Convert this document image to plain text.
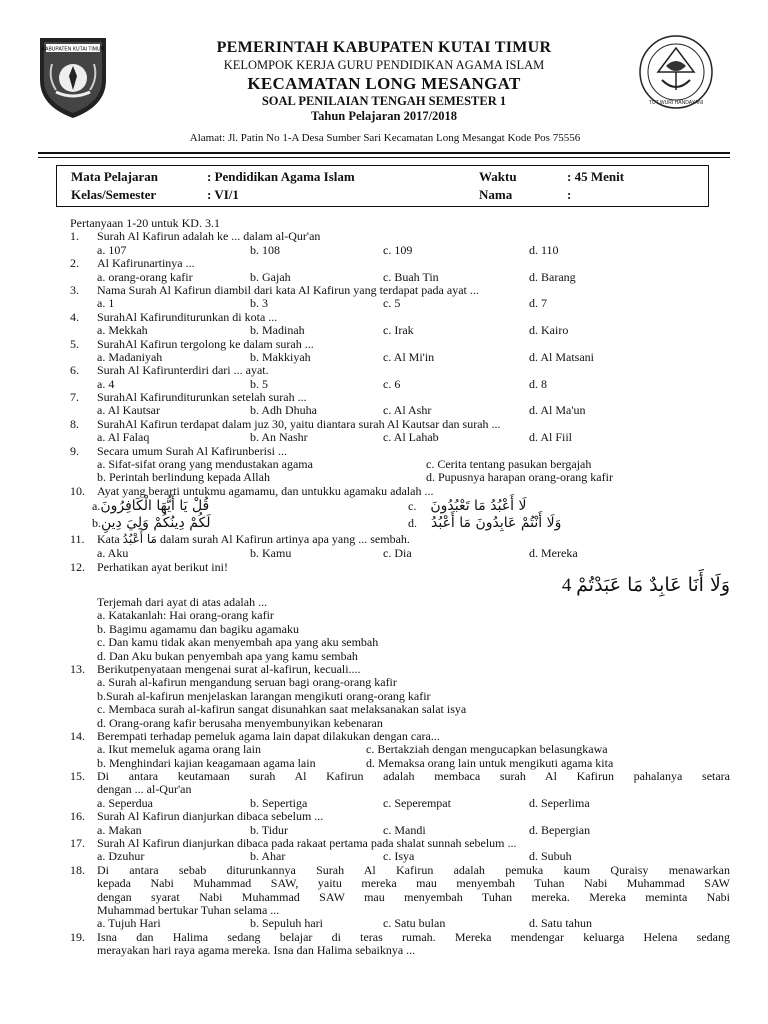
KABUPATEN KUTAI TIMUR
TUT WURI HANDAYANI
PEMERINTAH KABUPATEN KUTAI TIMUR
KELOMPOK KERJA GURU PENDIDIKAN AGAMA ISLAM
KECAMATAN LONG MESANGAT
SOAL PENILAIAN TENGAH SEMESTER 1
Tahun Pelajaran 2017/2018
Alamat: Jl. Patin No 1-A Desa Sumber Sari Kecamatan Long Mesangat Kode Pos 75556
Mata Pelajaran	: Pendidikan Agama Islam	Waktu	: 45 Menit
Kelas/Semester	: VI/1	Nama	:
Pertanyaan 1-20 untuk KD. 3.1
1.	Surah Al Kafirun adalah ke ... dalam al-Qur'an
a. 107	b. 108	c. 109	d. 110
2.	Al Kafirunartinya ...
a. orang-orang kafir	b. Gajah	c. Buah Tin	d. Barang
3.	Nama Surah Al Kafirun diambil dari kata Al Kafirun yang terdapat pada ayat ...
a. 1	b. 3	c. 5	d. 7
4.	SurahAl Kafirunditurunkan di kota ...
a. Mekkah	b. Madinah	c. Irak	d. Kairo
5.	SurahAl Kafirun tergolong ke dalam surah ...
a. Madaniyah	b. Makkiyah	c. Al Mi'in	d. Al Matsani
6.	Surah Al Kafirunterdiri dari ... ayat.
a. 4	b. 5	c. 6	d. 8
7.	SurahAl Kafirunditurunkan setelah surah ...
a. Al Kautsar	b. Adh Dhuha	c. Al Ashr	d. Al Ma'un
8.	SurahAl Kafirun terdapat dalam juz 30, yaitu diantara surah Al Kautsar dan surah ...
a. Al Falaq	b. An Nashr	c. Al Lahab	d. Al Fiil
9.	Secara umum Surah Al Kafirunberisi ...
a. Sifat-sifat orang yang mendustakan agama	c. Cerita tentang pasukan bergajah
b. Perintah berlindung kepada Allah	d. Pupusnya harapan orang-orang kafir
10.	Ayat yang berarti untukmu agamamu, dan untukku agamaku adalah ...
a.قُلْ يَا أَيُّهَا الْكَافِرُونَ	c. لَا أَعْبُدُ مَا تَعْبُدُونَ
b.لَكُمْ دِينُكُمْ وَلِيَ دِينِ	d. وَلَا أَنْتُمْ عَابِدُونَ مَا أَعْبُدُ
11.	Kata مَا أَعْبُدُ dalam surah Al Kafirun artinya apa yang ... sembah.
a. Aku	b. Kamu	c. Dia	d. Mereka
12.	Perhatikan ayat berikut ini!
وَلَا أَنَا عَابِدٌ مَا عَبَدْتُمْ 4
Terjemah dari ayat di atas adalah ...
a. Katakanlah: Hai orang-orang kafir
b. Bagimu agamamu dan bagiku agamaku
c. Dan kamu tidak akan menyembah apa yang aku sembah
d. Dan Aku bukan penyembah apa yang kamu sembah
13.	Berikutpenyataan mengenai surat al-kafirun, kecuali....
a. Surah al-kafirun mengandung seruan bagi orang-orang kafir
b.Surah al-kafirun menjelaskan larangan mengikuti orang-orang kafir
c. Membaca surah al-kafirun sangat disunahkan saat melaksanakan salat isya
d. Orang-orang kafir berusaha menyembunyikan kebenaran
14.	Berempati terhadap pemeluk agama lain dapat dilakukan dengan cara...
a. Ikut memeluk agama orang lain	c. Bertakziah dengan mengucapkan belasungkawa
b. Menghindari kajian keagamaan agama lain	d. Memaksa orang lain untuk mengikuti agama kita
15.	Di antara keutamaan surah Al Kafirun adalah membaca surah Al Kafirun pahalanya setara
dengan ... al-Qur'an
a. Seperdua	b. Sepertiga	c. Seperempat	d. Seperlima
16.	Surah Al Kafirun dianjurkan dibaca sebelum ...
a. Makan	b. Tidur	c. Mandi	d. Bepergian
17.	Surah Al Kafirun dianjurkan dibaca pada rakaat pertama pada shalat sunnah sebelum ...
a. Dzuhur	b. Ahar	c. Isya	d. Subuh
18.	Di antara sebab diturunkannya Surah Al Kafirun adalah pemuka kaum Quraisy menawarkan
kepada Nabi Muhammad SAW, yaitu mereka mau menyembah Tuhan Nabi Muhammad SAW
dengan syarat Nabi Muhammad SAW mau menyembah Tuhan mereka. Mereka meminta Nabi
Muhammad bertukar Tuhan selama ...
a. Tujuh Hari	b. Sepuluh hari	c. Satu bulan	d. Satu tahun
19.	Isna dan Halima sedang belajar di teras rumah. Mereka mendengar keluarga Helena sedang
merayakan hari raya agama mereka. Isna dan Halima sebaiknya ...
